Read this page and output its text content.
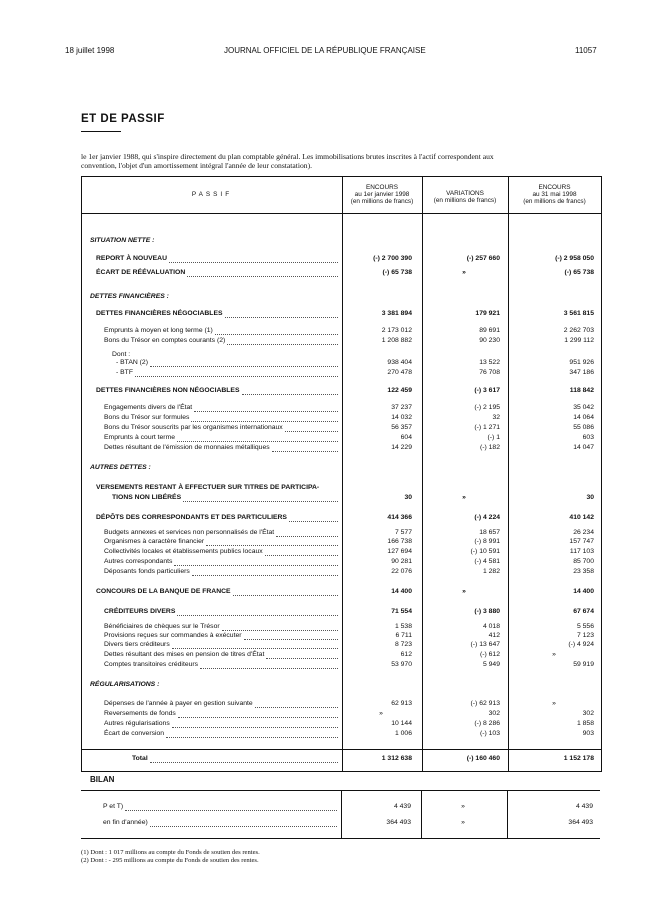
18 juillet 1998	JOURNAL OFFICIEL DE LA RÉPUBLIQUE FRANÇAISE	11057
ET DE PASSIF
le 1er janvier 1988, qui s'inspire directement du plan comptable général. Les immobilisations brutes inscrites à l'actif correspondent aux
convention, l'objet d'un amortissement intégral l'année de leur constatation).
PASSIF
ENCOURS
au 1er janvier 1998
(en millions de francs)
VARIATIONS
(en millions de francs)
ENCOURS
au 31 mai 1998
(en millions de francs)
SITUATION NETTE :
REPORT À NOUVEAU	(-) 2 700 390	(-) 257 660	(-) 2 958 050
ÉCART DE RÉÉVALUATION	(-) 65 738	»	(-) 65 738
DETTES FINANCIÈRES :
DETTES FINANCIÈRES NÉGOCIABLES	3 381 894	179 921	3 561 815
Emprunts à moyen et long terme (1)	2 173 012	89 691	2 262 703
Bons du Trésor en comptes courants (2)	1 208 882	90 230	1 299 112
Dont :
- BTAN (2)	938 404	13 522	951 926
- BTF	270 478	76 708	347 186
DETTES FINANCIÈRES NON NÉGOCIABLES	122 459	(-) 3 617	118 842
Engagements divers de l'État	37 237	(-) 2 195	35 042
Bons du Trésor sur formules	14 032	32	14 064
Bons du Trésor souscrits par les organismes internationaux	56 357	(-) 1 271	55 086
Emprunts à court terme	604	(-) 1	603
Dettes résultant de l'émission de monnaies métalliques	14 229	(-) 182	14 047
AUTRES DETTES :
VERSEMENTS RESTANT À EFFECTUER SUR TITRES DE PARTICIPA-
TIONS NON LIBÉRÉS	30	»	30
DÉPÔTS DES CORRESPONDANTS ET DES PARTICULIERS	414 366	(-) 4 224	410 142
Budgets annexes et services non personnalisés de l'État	7 577	18 657	26 234
Organismes à caractère financier	166 738	(-) 8 991	157 747
Collectivités locales et établissements publics locaux	127 694	(-) 10 591	117 103
Autres correspondants	90 281	(-) 4 581	85 700
Déposants fonds particuliers	22 076	1 282	23 358
CONCOURS DE LA BANQUE DE FRANCE	14 400	»	14 400
CRÉDITEURS DIVERS	71 554	(-) 3 880	67 674
Bénéficiaires de chèques sur le Trésor	1 538	4 018	5 556
Provisions reçues sur commandes à exécuter	6 711	412	7 123
Divers tiers créditeurs	8 723	(-) 13 647	(-) 4 924
Dettes résultant des mises en pension de titres d'État	612	(-) 612	»
Comptes transitoires créditeurs	53 970	5 949	59 919
RÉGULARISATIONS :
Dépenses de l'année à payer en gestion suivante	62 913	(-) 62 913	»
Reversements de fonds	»	302	302
Autres régularisations	10 144	(-) 8 286	1 858
Écart de conversion	1 006	(-) 103	903
Total	1 312 638	(-) 160 460	1 152 178
BILAN
P et T)	4 439	»	4 439
en fin d'année)	364 493	»	364 493
(1) Dont : 1 017 millions au compte du Fonds de soutien des rentes.
(2) Dont : - 295 millions au compte du Fonds de soutien des rentes.
